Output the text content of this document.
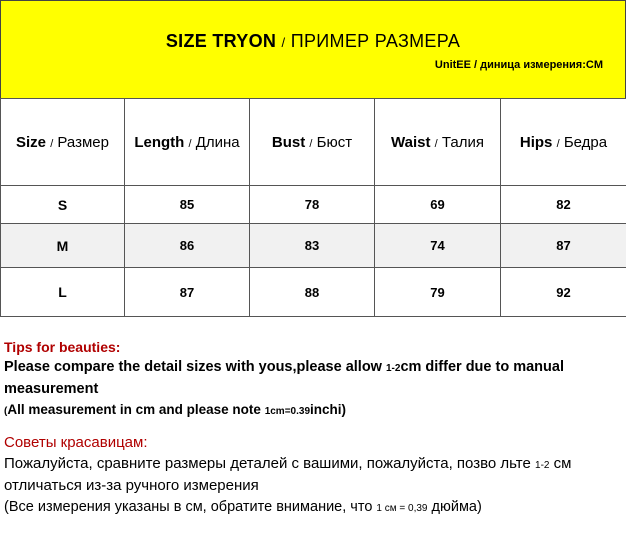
SIZE TRYON / ПРИМЕР РАЗМЕРА
UnitEE / диница измерения:CM
Size / Размер	Length / Длина	Bust / Бюст	Waist / Талия	Hips / Бедра
S	85	78	69	82
M	86	83	74	87
L	87	88	79	92
Tips for beauties:
Please compare the detail sizes with yous,please allow 1-2cm differ due to manual measurement
(All measurement in cm and please note 1cm=0.39inchi)
Советы красавицам:
Пожалуйста, сравните размеры деталей с вашими, пожалуйста, позво льте 1-2 см отличаться из-за ручного измерения
(Все измерения указаны в см, обратите внимание, что 1 см = 0,39 дюйма)
